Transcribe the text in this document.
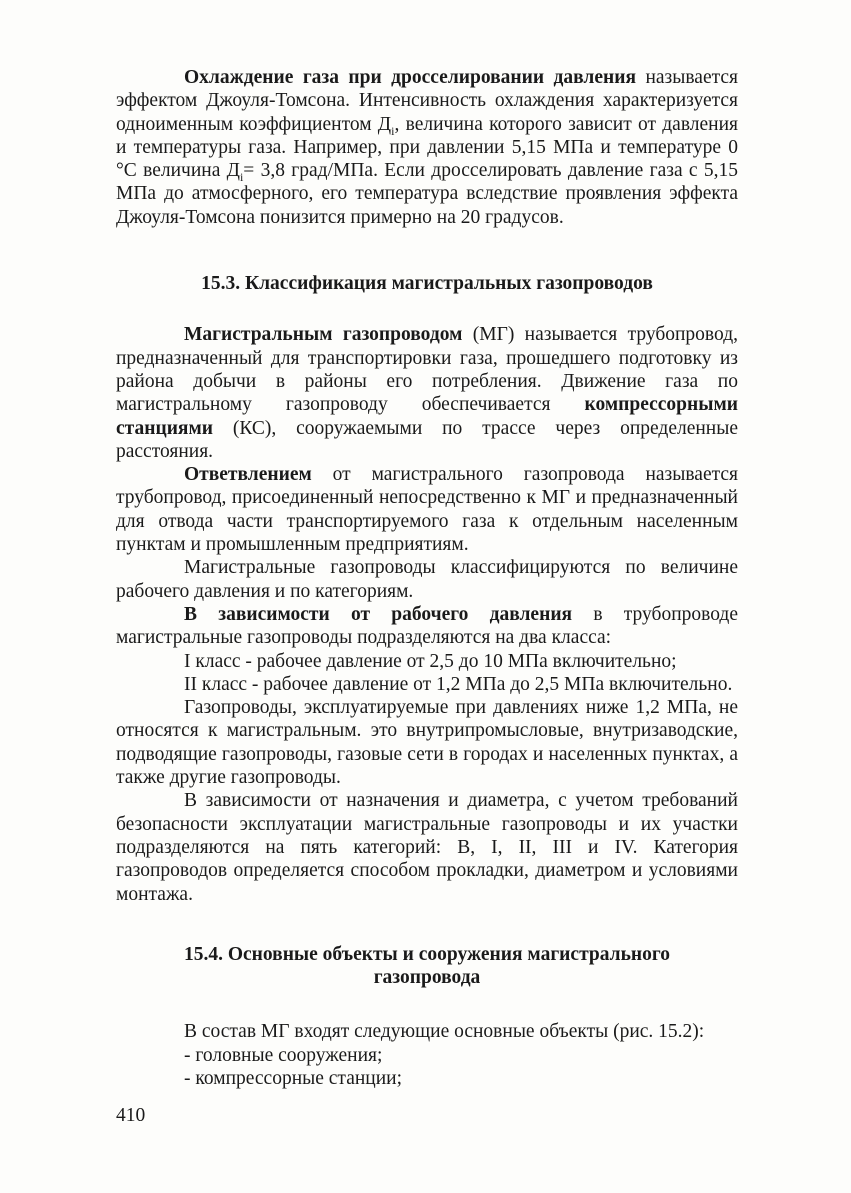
Охлаждение газа при дросселировании давления называется эффектом Джоуля-Томсона. Интенсивность охлаждения характеризуется одноименным коэффициентом $Д_i$, величина которого зависит от давления и температуры газа. Например, при давлении 5,15 МПа и температуре 0 °С величина $Д_i= 3,8$ град/МПа. Если дросселировать давление газа с 5,15 МПа до атмосферного, его температура вследствие проявления эффекта Джоуля-Томсона понизится примерно на 20 градусов.

15.3. Классификация магистральных газопроводов

Магистральным газопроводом (МГ) называется трубопровод, предназначенный для транспортировки газа, прошедшего подготовку из района добычи в районы его потребления. Движение газа по магистральному газопроводу обеспечивается компрессорными станциями (КС), сооружаемыми по трассе через определенные расстояния.

Ответвлением от магистрального газопровода называется трубопровод, присоединенный непосредственно к МГ и предназначенный для отвода части транспортируемого газа к отдельным населенным пунктам и промышленным предприятиям.

Магистральные газопроводы классифицируются по величине рабочего давления и по категориям.

В зависимости от рабочего давления в трубопроводе магистральные газопроводы подразделяются на два класса:

I класс - рабочее давление от 2,5 до 10 МПа включительно;

II класс - рабочее давление от 1,2 МПа до 2,5 МПа включительно.

Газопроводы, эксплуатируемые при давлениях ниже 1,2 МПа, не относятся к магистральным. это внутрипромысловые, внутризаводские, подводящие газопроводы, газовые сети в городах и населенных пунктах, а также другие газопроводы.

В зависимости от назначения и диаметра, с учетом требований безопасности эксплуатации магистральные газопроводы и их участки подразделяются на пять категорий: В, I, II, III и IV. Категория газопроводов определяется способом прокладки, диаметром и условиями монтажа.

15.4. Основные объекты и сооружения магистрального газопровода

В состав МГ входят следующие основные объекты (рис. 15.2):

- головные сооружения;

- компрессорные станции;

410
